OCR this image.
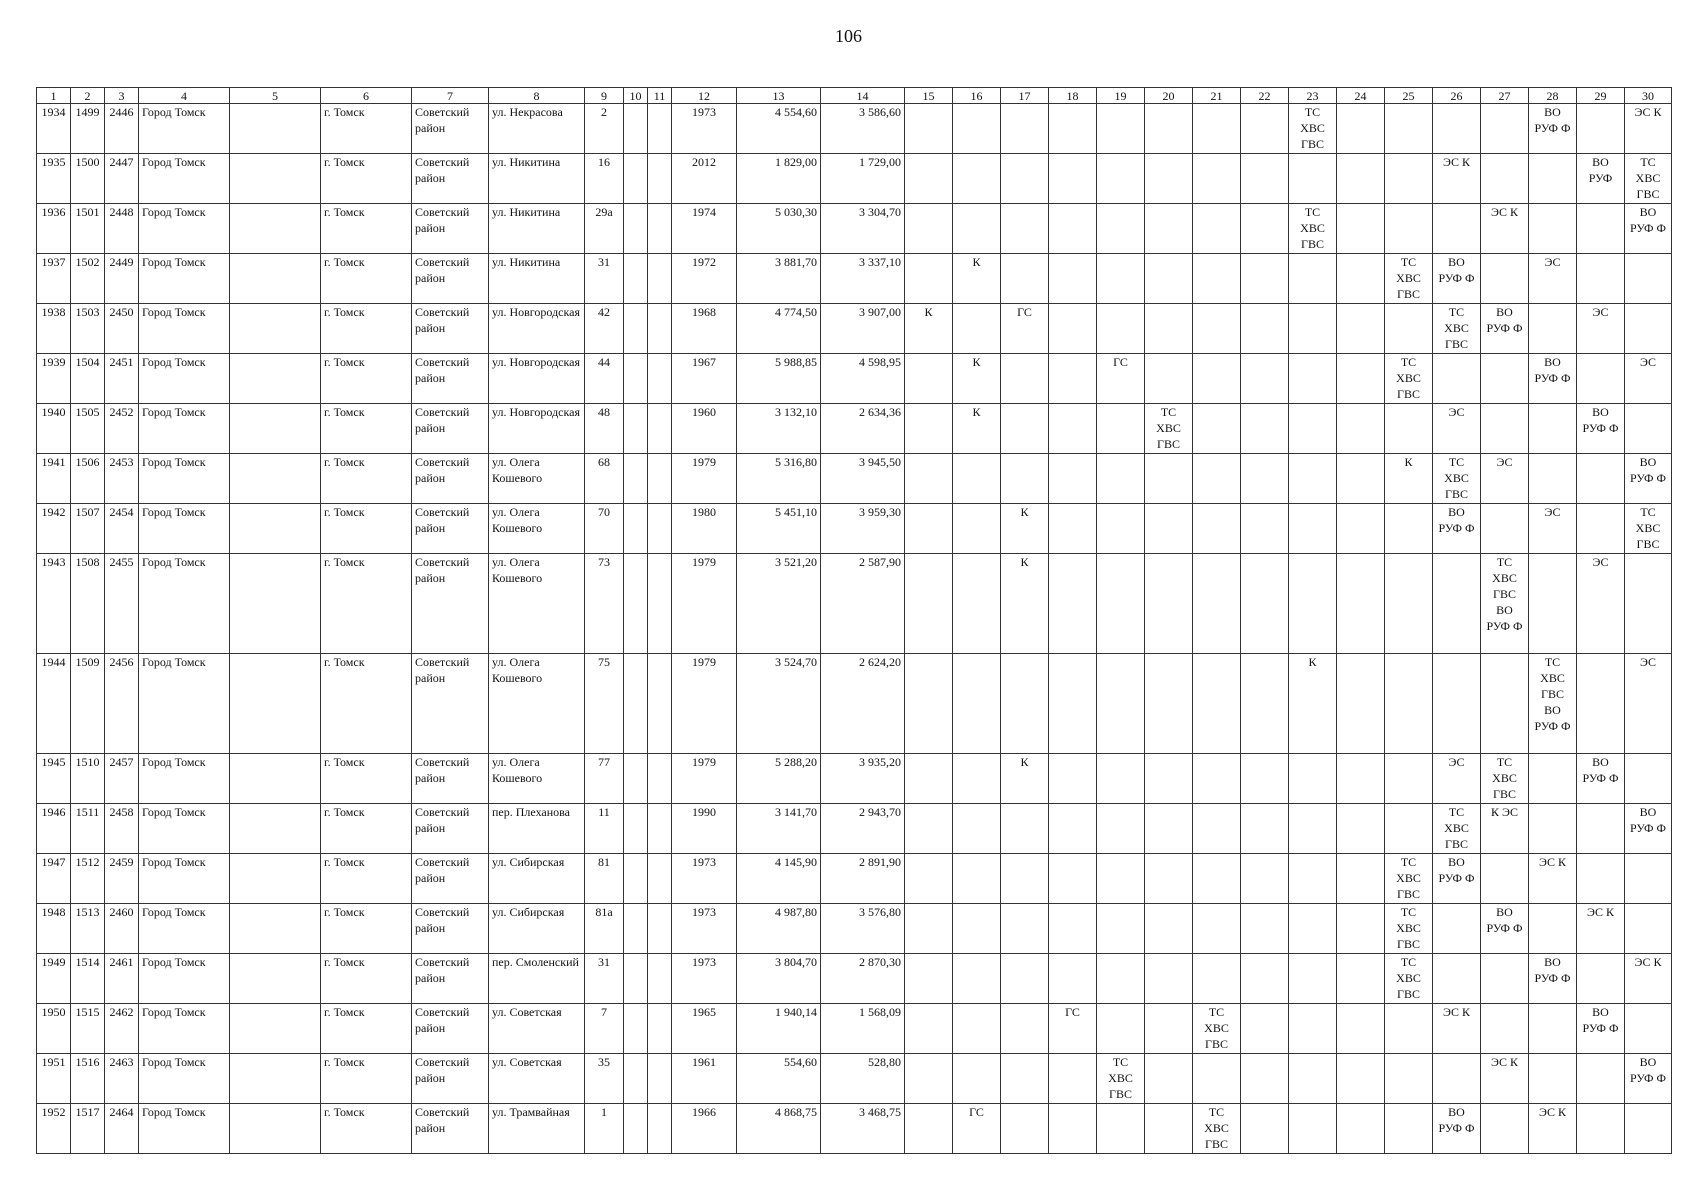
106
1	2	3	4	5	6	7	8	9	10	11	12	13	14	15	16	17	18	19	20	21	22	23	24	25	26	27	28	29	30
1934	1499	2446	Город Томск		г. Томск	Советский район	ул. Некрасова	2			1973	4 554,60	3 586,60									ТС ХВС ГВС					ВО РУФ Ф		ЭС К
1935	1500	2447	Город Томск		г. Томск	Советский район	ул. Никитина	16			2012	1 829,00	1 729,00												ЭС К			ВО РУФ	ТС ХВС ГВС
1936	1501	2448	Город Томск		г. Томск	Советский район	ул. Никитина	29а			1974	5 030,30	3 304,70									ТС ХВС ГВС				ЭС К			ВО РУФ Ф
1937	1502	2449	Город Томск		г. Томск	Советский район	ул. Никитина	31			1972	3 881,70	3 337,10		К									ТС ХВС ГВС	ВО РУФ Ф		ЭС		
1938	1503	2450	Город Томск		г. Томск	Советский район	ул. Новгородская	42			1968	4 774,50	3 907,00	К		ГС									ТС ХВС ГВС	ВО РУФ Ф		ЭС	
1939	1504	2451	Город Томск		г. Томск	Советский район	ул. Новгородская	44			1967	5 988,85	4 598,95		К			ГС						ТС ХВС ГВС			ВО РУФ Ф		ЭС
1940	1505	2452	Город Томск		г. Томск	Советский район	ул. Новгородская	48			1960	3 132,10	2 634,36		К				ТС ХВС ГВС						ЭС			ВО РУФ Ф	
1941	1506	2453	Город Томск		г. Томск	Советский район	ул. Олега Кошевого	68			1979	5 316,80	3 945,50											К	ТС ХВС ГВС	ЭС			ВО РУФ Ф
1942	1507	2454	Город Томск		г. Томск	Советский район	ул. Олега Кошевого	70			1980	5 451,10	3 959,30			К									ВО РУФ Ф		ЭС		ТС ХВС ГВС
1943	1508	2455	Город Томск		г. Томск	Советский район	ул. Олега Кошевого	73			1979	3 521,20	2 587,90			К										ТС ХВС ГВС ВО РУФ Ф		ЭС	
1944	1509	2456	Город Томск		г. Томск	Советский район	ул. Олега Кошевого	75			1979	3 524,70	2 624,20									К					ТС ХВС ГВС ВО РУФ Ф		ЭС
1945	1510	2457	Город Томск		г. Томск	Советский район	ул. Олега Кошевого	77			1979	5 288,20	3 935,20			К									ЭС	ТС ХВС ГВС		ВО РУФ Ф	
1946	1511	2458	Город Томск		г. Томск	Советский район	пер. Плеханова	11			1990	3 141,70	2 943,70												ТС ХВС ГВС	К ЭС			ВО РУФ Ф
1947	1512	2459	Город Томск		г. Томск	Советский район	ул. Сибирская	81			1973	4 145,90	2 891,90											ТС ХВС ГВС	ВО РУФ Ф		ЭС К		
1948	1513	2460	Город Томск		г. Томск	Советский район	ул. Сибирская	81а			1973	4 987,80	3 576,80											ТС ХВС ГВС		ВО РУФ Ф		ЭС К	
1949	1514	2461	Город Томск		г. Томск	Советский район	пер. Смоленский	31			1973	3 804,70	2 870,30											ТС ХВС ГВС			ВО РУФ Ф		ЭС К
1950	1515	2462	Город Томск		г. Томск	Советский район	ул. Советская	7			1965	1 940,14	1 568,09				ГС			ТС ХВС ГВС					ЭС К			ВО РУФ Ф	
1951	1516	2463	Город Томск		г. Томск	Советский район	ул. Советская	35			1961	554,60	528,80					ТС ХВС ГВС								ЭС К			ВО РУФ Ф
1952	1517	2464	Город Томск		г. Томск	Советский район	ул. Трамвайная	1			1966	4 868,75	3 468,75		ГС					ТС ХВС ГВС					ВО РУФ Ф		ЭС К		
